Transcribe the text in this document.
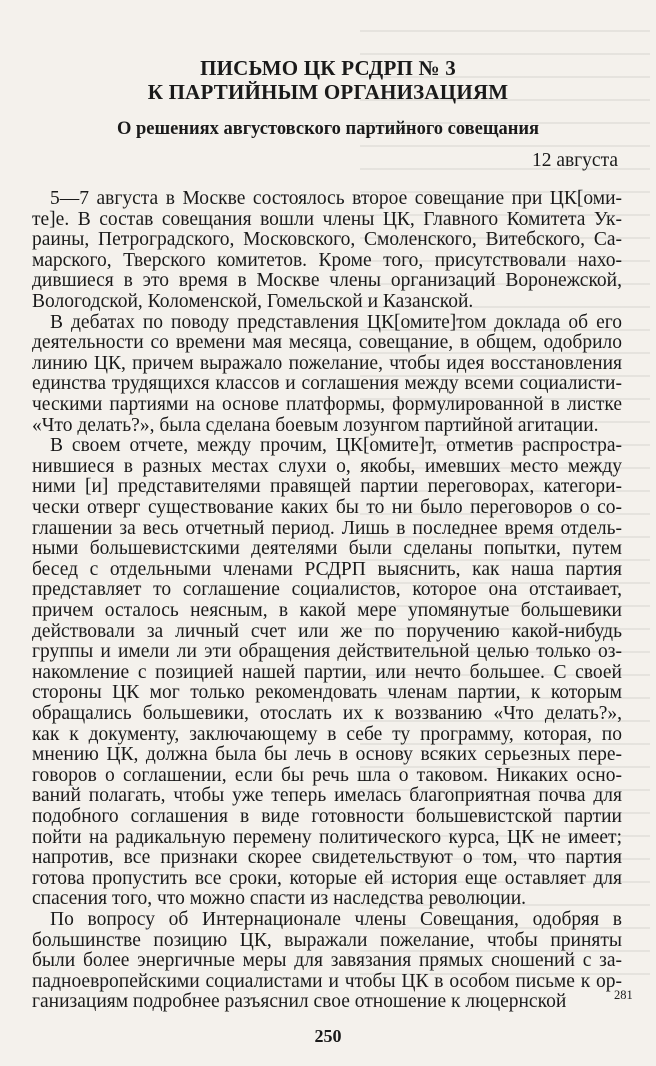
ПИСЬМО ЦК РСДРП № 3
К ПАРТИЙНЫМ ОРГАНИЗАЦИЯМ
О решениях августовского партийного совещания
12 августа
5—7 августа в Москве состоялось второе совещание при ЦК[оми-
те]е. В состав совещания вошли члены ЦК, Главного Комитета Ук-
раины, Петроградского, Московского, Смоленского, Витебского, Са-
марского, Тверского комитетов. Кроме того, присутствовали нахо-
дившиеся в это время в Москве члены организаций Воронежской,
Вологодской, Коломенской, Гомельской и Казанской.
В дебатах по поводу представления ЦК[омите]том доклада об его
деятельности со времени мая месяца, совещание, в общем, одобрило
линию ЦК, причем выражало пожелание, чтобы идея восстановления
единства трудящихся классов и соглашения между всеми социалисти-
ческими партиями на основе платформы, формулированной в листке
«Что делать?», была сделана боевым лозунгом партийной агитации.
В своем отчете, между прочим, ЦК[омите]т, отметив распростра-
нившиеся в разных местах слухи о, якобы, имевших место между
ними [и] представителями правящей партии переговорах, категори-
чески отверг существование каких бы то ни было переговоров о со-
глашении за весь отчетный период. Лишь в последнее время отдель-
ными большевистскими деятелями были сделаны попытки, путем
бесед с отдельными членами РСДРП выяснить, как наша партия
представляет то соглашение социалистов, которое она отстаивает,
причем осталось неясным, в какой мере упомянутые большевики
действовали за личный счет или же по поручению какой-нибудь
группы и имели ли эти обращения действительной целью только оз-
накомление с позицией нашей партии, или нечто большее. С своей
стороны ЦК мог только рекомендовать членам партии, к которым
обращались большевики, отослать их к воззванию «Что делать?»,
как к документу, заключающему в себе ту программу, которая, по
мнению ЦК, должна была бы лечь в основу всяких серьезных пере-
говоров о соглашении, если бы речь шла о таковом. Никаких осно-
ваний полагать, чтобы уже теперь имелась благоприятная почва для
подобного соглашения в виде готовности большевистской партии
пойти на радикальную перемену политического курса, ЦК не имеет;
напротив, все признаки скорее свидетельствуют о том, что партия
готова пропустить все сроки, которые ей история еще оставляет для
спасения того, что можно спасти из наследства революции.
По вопросу об Интернационале члены Совещания, одобряя в
большинстве позицию ЦК, выражали пожелание, чтобы приняты
были более энергичные меры для завязания прямых сношений с за-
падноевропейскими социалистами и чтобы ЦК в особом письме к ор-
ганизациям подробнее разъяснил свое отношение к люцернской	281
250
